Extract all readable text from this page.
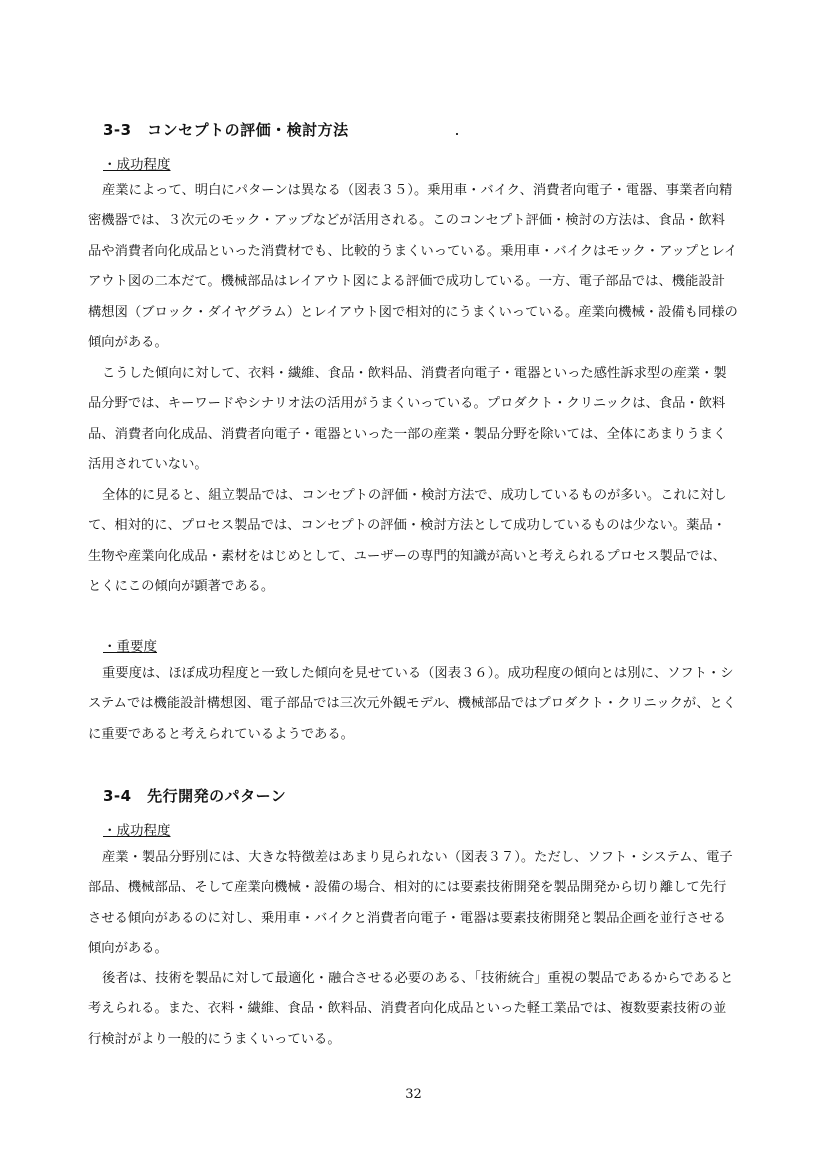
3-3　コンセプトの評価・検討方法
・成功程度

産業によって、明白にパターンは異なる（図表３５）。乗用車・バイク、消費者向電子・電器、事業者向精密機器では、３次元のモック・アップなどが活用される。このコンセプト評価・検討の方法は、食品・飲料品や消費者向化成品といった消費材でも、比較的うまくいっている。乗用車・バイクはモック・アップとレイアウト図の二本だて。機械部品はレイアウト図による評価で成功している。一方、電子部品では、機能設計構想図（ブロック・ダイヤグラム）とレイアウト図で相対的にうまくいっている。産業向機械・設備も同様の傾向がある。

こうした傾向に対して、衣料・繊維、食品・飲料品、消費者向電子・電器といった感性訴求型の産業・製品分野では、キーワードやシナリオ法の活用がうまくいっている。プロダクト・クリニックは、食品・飲料品、消費者向化成品、消費者向電子・電器といった一部の産業・製品分野を除いては、全体にあまりうまく活用されていない。

全体的に見ると、組立製品では、コンセプトの評価・検討方法で、成功しているものが多い。これに対して、相対的に、プロセス製品では、コンセプトの評価・検討方法として成功しているものは少ない。薬品・生物や産業向化成品・素材をはじめとして、ユーザーの専門的知識が高いと考えられるプロセス製品では、とくにこの傾向が顕著である。

・重要度

重要度は、ほぼ成功程度と一致した傾向を見せている（図表３６）。成功程度の傾向とは別に、ソフト・システムでは機能設計構想図、電子部品では三次元外観モデル、機械部品ではプロダクト・クリニックが、とくに重要であると考えられているようである。

3-4　先行開発のパターン
・成功程度

産業・製品分野別には、大きな特徴差はあまり見られない（図表３７）。ただし、ソフト・システム、電子部品、機械部品、そして産業向機械・設備の場合、相対的には要素技術開発を製品開発から切り離して先行させる傾向があるのに対し、乗用車・バイクと消費者向電子・電器は要素技術開発と製品企画を並行させる傾向がある。

後者は、技術を製品に対して最適化・融合させる必要のある、「技術統合」重視の製品であるからであると考えられる。また、衣料・繊維、食品・飲料品、消費者向化成品といった軽工業品では、複数要素技術の並行検討がより一般的にうまくいっている。

32
